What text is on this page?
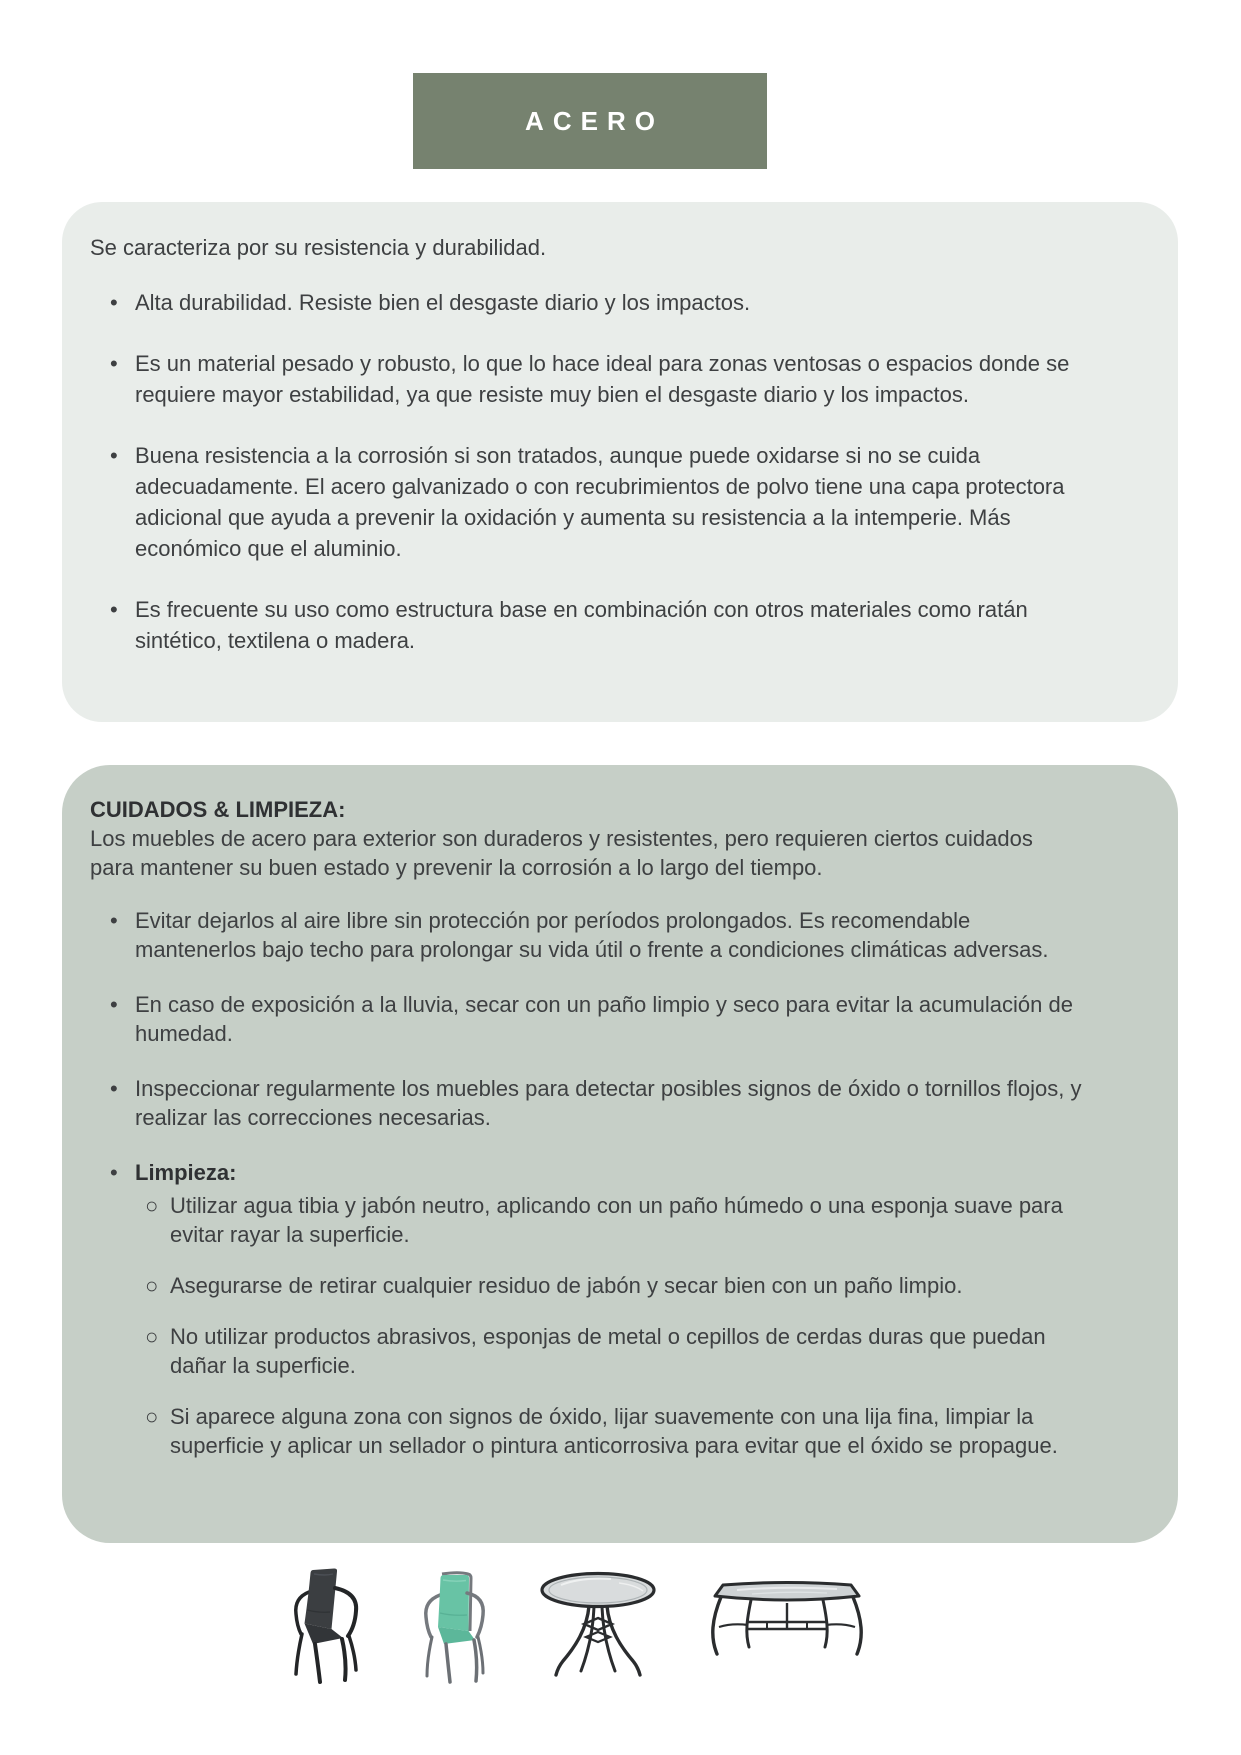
ACERO

Se caracteriza por su resistencia y durabilidad.

• Alta durabilidad. Resiste bien el desgaste diario y los impactos.
• Es un material pesado y robusto, lo que lo hace ideal para zonas ventosas o espacios donde se requiere mayor estabilidad, ya que resiste muy bien el desgaste diario y los impactos.
• Buena resistencia a la corrosión si son tratados, aunque puede oxidarse si no se cuida adecuadamente. El acero galvanizado o con recubrimientos de polvo tiene una capa protectora adicional que ayuda a prevenir la oxidación y aumenta su resistencia a la intemperie. Más económico que el aluminio.
• Es frecuente su uso como estructura base en combinación con otros materiales como ratán sintético, textilena o madera.

CUIDADOS & LIMPIEZA:

Los muebles de acero para exterior son duraderos y resistentes, pero requieren ciertos cuidados para mantener su buen estado y prevenir la corrosión a lo largo del tiempo.

• Evitar dejarlos al aire libre sin protección por períodos prolongados. Es recomendable mantenerlos bajo techo para prolongar su vida útil o frente a condiciones climáticas adversas.
• En caso de exposición a la lluvia, secar con un paño limpio y seco para evitar la acumulación de humedad.
• Inspeccionar regularmente los muebles para detectar posibles signos de óxido o tornillos flojos, y realizar las correcciones necesarias.
• Limpieza:
○ Utilizar agua tibia y jabón neutro, aplicando con un paño húmedo o una esponja suave para evitar rayar la superficie.
○ Asegurarse de retirar cualquier residuo de jabón y secar bien con un paño limpio.
○ No utilizar productos abrasivos, esponjas de metal o cepillos de cerdas duras que puedan dañar la superficie.
○ Si aparece alguna zona con signos de óxido, lijar suavemente con una lija fina, limpiar la superficie y aplicar un sellador o pintura anticorrosiva para evitar que el óxido se propague.
